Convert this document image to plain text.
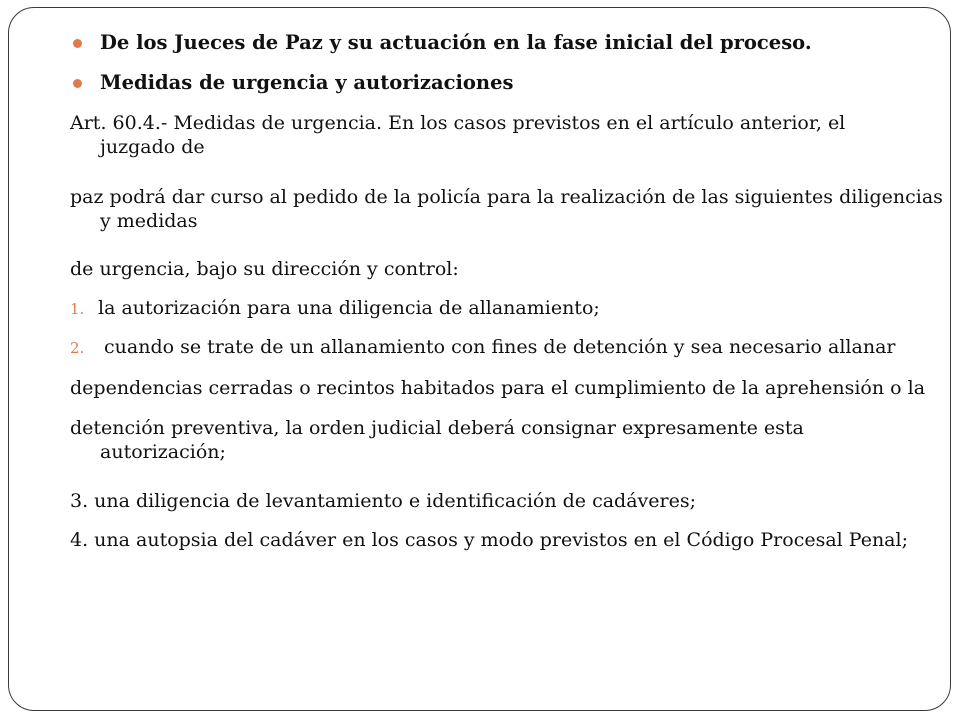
De los Jueces de Paz y su actuación en la fase inicial del proceso.
Medidas de urgencia y autorizaciones
Art. 60.4.- Medidas de urgencia. En los casos previstos en el artículo anterior, el
juzgado de
paz podrá dar curso al pedido de la policía para la realización de las siguientes diligencias
y medidas
de urgencia, bajo su dirección y control:
1. la autorización para una diligencia de allanamiento;
2. cuando se trate de un allanamiento con fines de detención y sea necesario allanar
dependencias cerradas o recintos habitados para el cumplimiento de la aprehensión o la
detención preventiva, la orden judicial deberá consignar expresamente esta
autorización;
3. una diligencia de levantamiento e identificación de cadáveres;
4. una autopsia del cadáver en los casos y modo previstos en el Código Procesal Penal;
